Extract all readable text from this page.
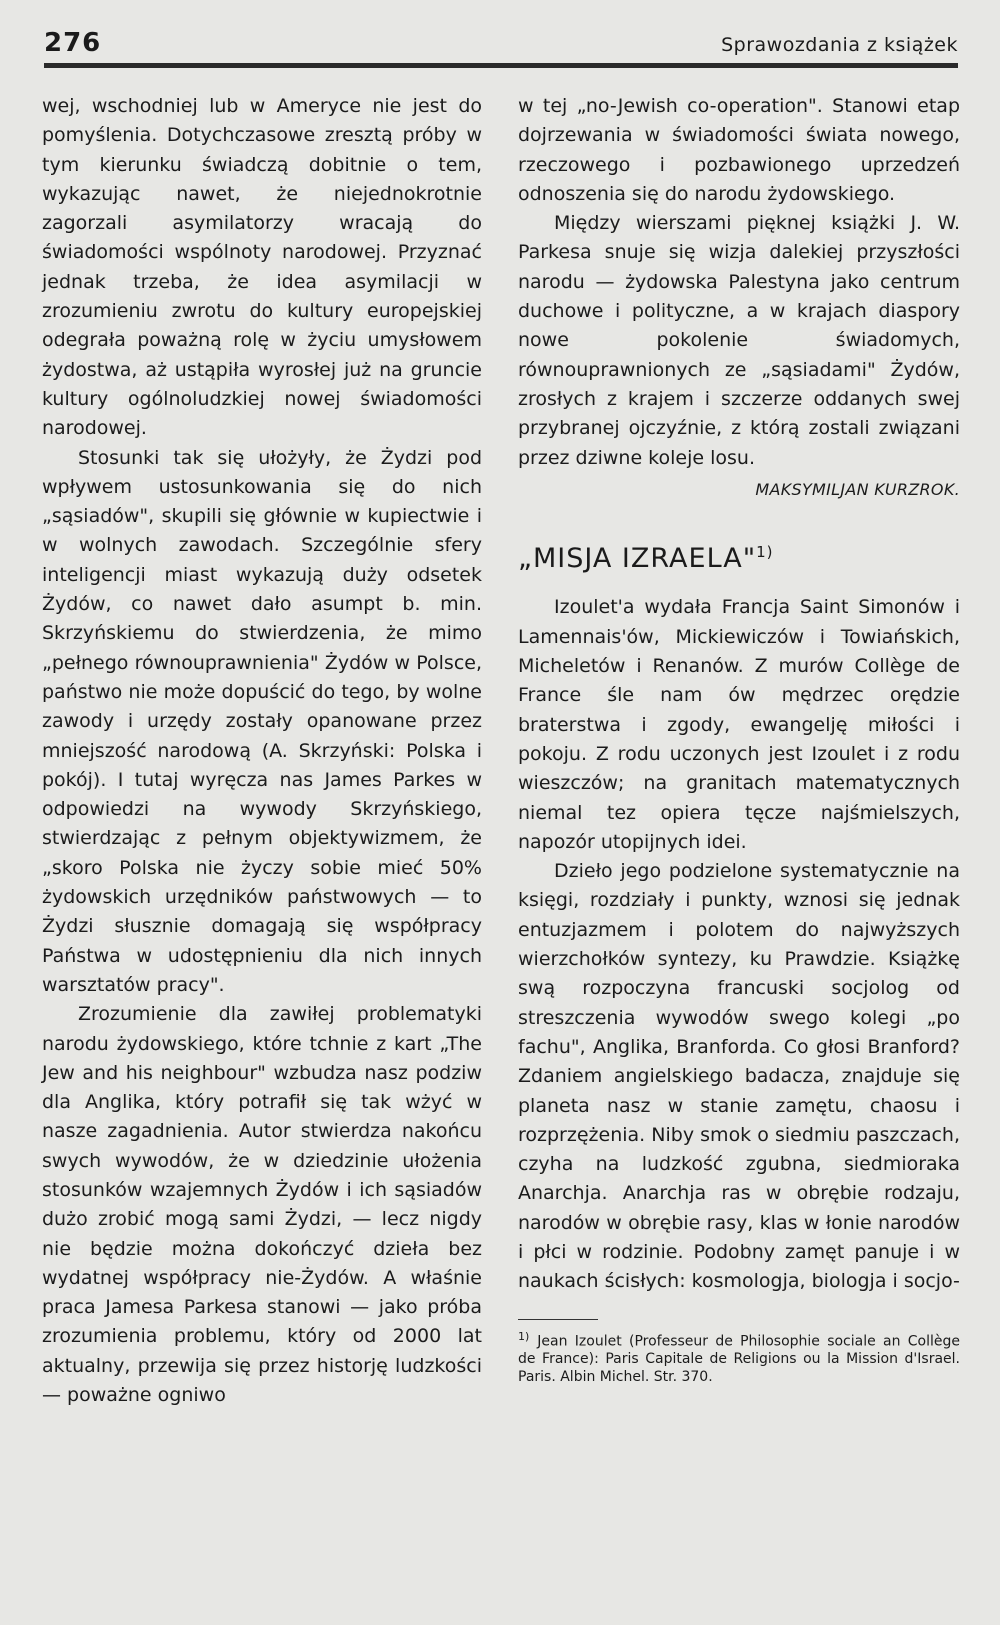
276	Sprawozdania z książek

wej, wschodniej lub w Ameryce nie jest do pomyślenia. Dotychczasowe zresztą próby w tym kierunku świadczą dobitnie o tem, wykazując nawet, że niejednokrotnie zagorzali asymilatorzy wracają do świadomości wspólnoty narodowej. Przyznać jednak trzeba, że idea asymilacji w zrozumieniu zwrotu do kultury europejskiej odegrała poważną rolę w życiu umysłowem żydostwa, aż ustąpiła wyrosłej już na gruncie kultury ogólnoludzkiej nowej świadomości narodowej.

Stosunki tak się ułożyły, że Żydzi pod wpływem ustosunkowania się do nich „sąsiadów", skupili się głównie w kupiectwie i w wolnych zawodach. Szczególnie sfery inteligencji miast wykazują duży odsetek Żydów, co nawet dało asumpt b. min. Skrzyńskiemu do stwierdzenia, że mimo „pełnego równouprawnienia" Żydów w Polsce, państwo nie może dopuścić do tego, by wolne zawody i urzędy zostały opanowane przez mniejszość narodową (A. Skrzyński: Polska i pokój). I tutaj wyręcza nas James Parkes w odpowiedzi na wywody Skrzyńskiego, stwierdzając z pełnym objektywizmem, że „skoro Polska nie życzy sobie mieć 50% żydowskich urzędników państwowych — to Żydzi słusznie domagają się współpracy Państwa w udostępnieniu dla nich innych warsztatów pracy".

Zrozumienie dla zawiłej problematyki narodu żydowskiego, które tchnie z kart „The Jew and his neighbour" wzbudza nasz podziw dla Anglika, który potrafił się tak wżyć w nasze zagadnienia. Autor stwierdza nakońcu swych wywodów, że w dziedzinie ułożenia stosunków wzajemnych Żydów i ich sąsiadów dużo zrobić mogą sami Żydzi, — lecz nigdy nie będzie można dokończyć dzieła bez wydatnej współpracy nie-Żydów. A właśnie praca Jamesa Parkesa stanowi — jako próba zrozumienia problemu, który od 2000 lat aktualny, przewija się przez historję ludzkości — poważne ogniwo

w tej „no-Jewish co-operation". Stanowi etap dojrzewania w świadomości świata nowego, rzeczowego i pozbawionego uprzedzeń odnoszenia się do narodu żydowskiego.

Między wierszami pięknej książki J. W. Parkesa snuje się wizja dalekiej przyszłości narodu — żydowska Palestyna jako centrum duchowe i polityczne, a w krajach diaspory nowe pokolenie świadomych, równouprawnionych ze „sąsiadami" Żydów, zrosłych z krajem i szczerze oddanych swej przybranej ojczyźnie, z którą zostali związani przez dziwne koleje losu.

MAKSYMILJAN KURZROK.

„MISJA IZRAELA"$^{1)}$

Izoulet'a wydała Francja Saint Simonów i Lamennais'ów, Mickiewiczów i Towiańskich, Micheletów i Renanów. Z murów Collège de France śle nam ów mędrzec orędzie braterstwa i zgody, ewangelję miłości i pokoju. Z rodu uczonych jest Izoulet i z rodu wieszczów; na granitach matematycznych niemal tez opiera tęcze najśmielszych, napozór utopijnych idei.

Dzieło jego podzielone systematycznie na księgi, rozdziały i punkty, wznosi się jednak entuzjazmem i polotem do najwyższych wierzchołków syntezy, ku Prawdzie. Książkę swą rozpoczyna francuski socjolog od streszczenia wywodów swego kolegi „po fachu", Anglika, Branforda. Co głosi Branford? Zdaniem angielskiego badacza, znajduje się planeta nasz w stanie zamętu, chaosu i rozprzężenia. Niby smok o siedmiu paszczach, czyha na ludzkość zgubna, siedmioraka Anarchja. Anarchja ras w obrębie rodzaju, narodów w obrębie rasy, klas w łonie narodów i płci w rodzinie. Podobny zamęt panuje i w naukach ścisłych: kosmologja, biologja i socjo-

$^{1)}$ Jean Izoulet (Professeur de Philosophie sociale an Collège de France): Paris Capitale de Religions ou la Mission d'Israel. Paris. Albin Michel. Str. 370.
